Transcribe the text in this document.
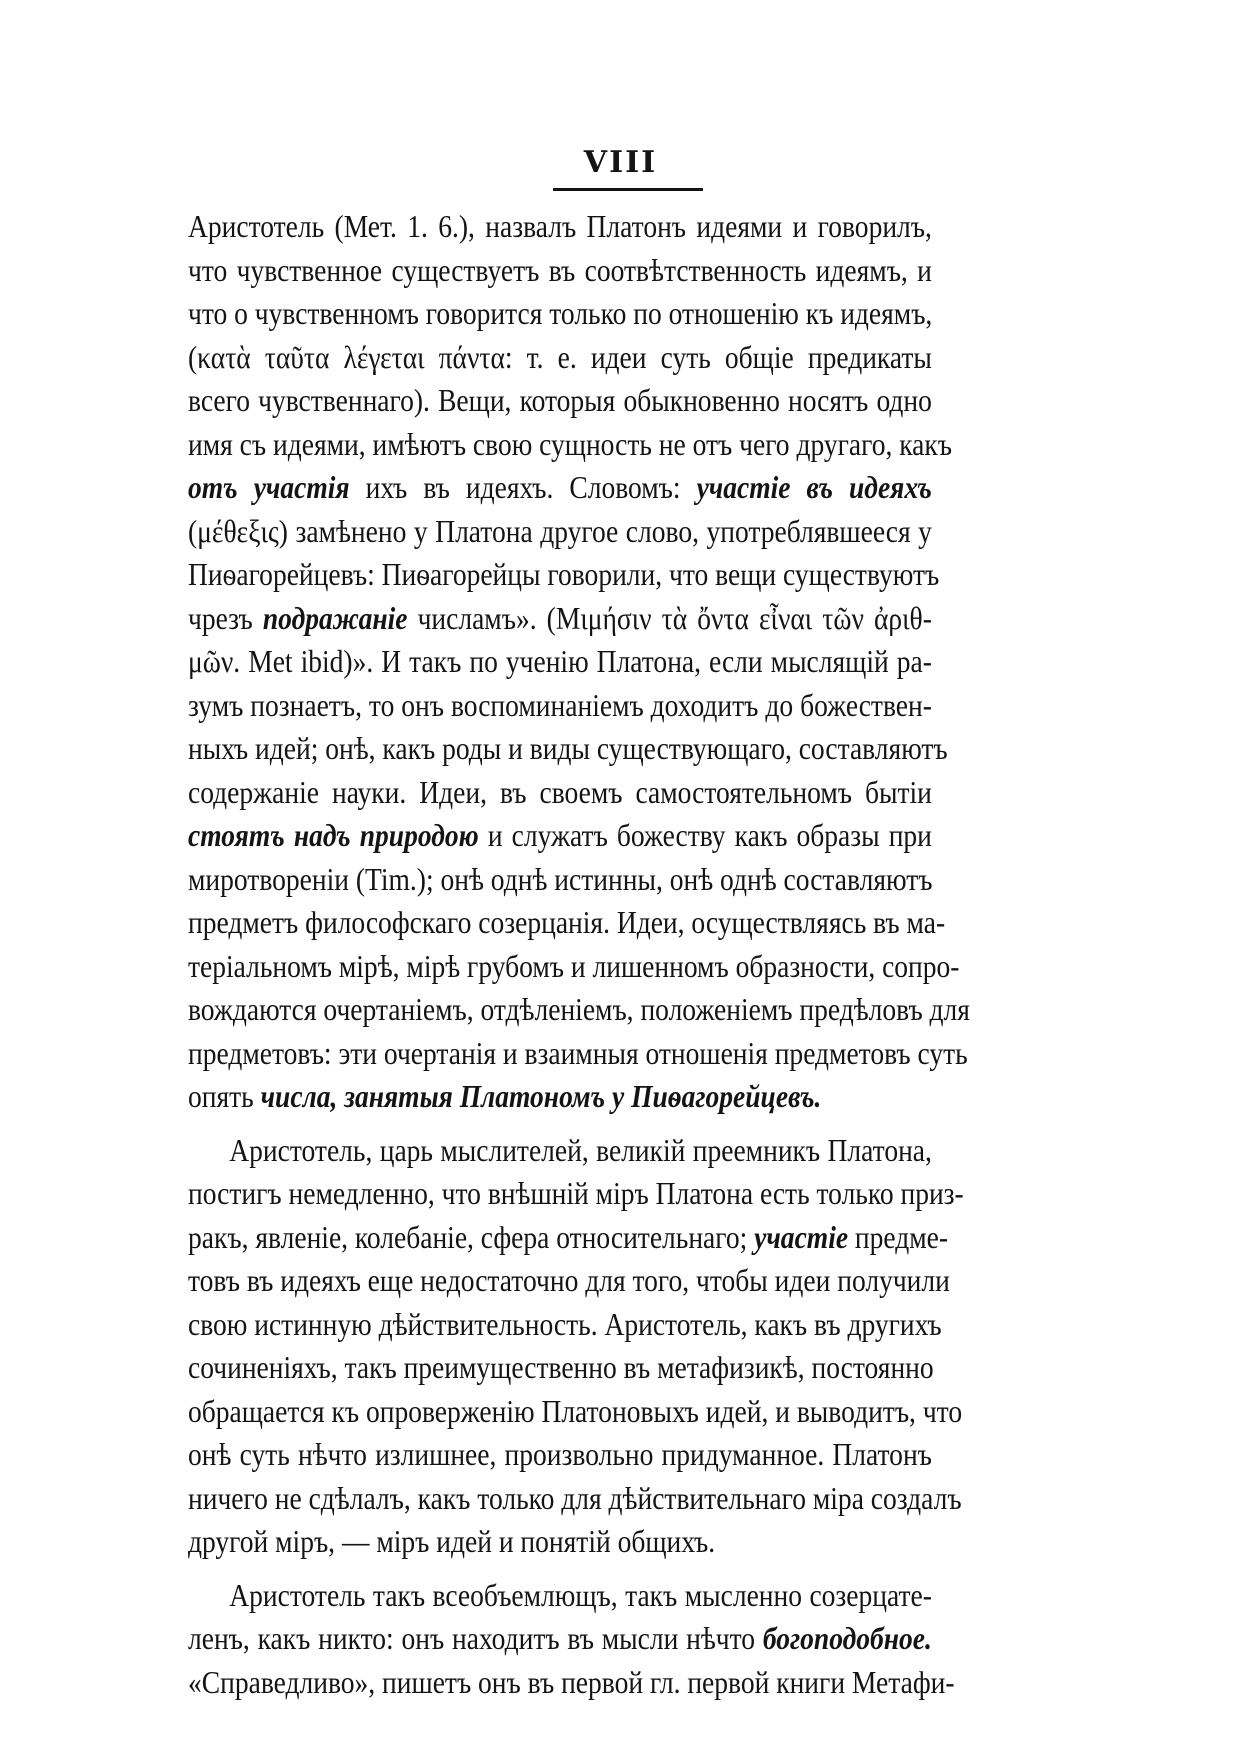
VIII
Аристотель (Мет. 1. 6.), назвалъ Платонъ идеями и говорилъ,
что чувственное существуетъ въ соотвѣтственность идеямъ, и
что о чувственномъ говорится только по отношенію къ идеямъ,
(κατὰ ταῦτα λέγεται πάντα: т. е. идеи суть общіе предикаты
всего чувственнаго). Вещи, которыя обыкновенно носятъ одно
имя съ идеями, имѣютъ свою сущность не отъ чего другаго, какъ
отъ участія ихъ въ идеяхъ. Словомъ: участіе въ идеяхъ
(μέθεξις) замѣнено у Платона другое слово, употреблявшееся у
Пиѳагорейцевъ: Пиѳагорейцы говорили, что вещи существуютъ
чрезъ подражаніе числамъ». (Μιμήσιν τὰ ὄντα εἶναι τῶν ἀριθ-
μῶν. Met ibid)». И такъ по ученію Платона, если мыслящій ра-
зумъ познаетъ, то онъ воспоминаніемъ доходитъ до божествен-
ныхъ идей; онѣ, какъ роды и виды существующаго, составляютъ
содержаніе науки. Идеи, въ своемъ самостоятельномъ бытіи
стоятъ надъ природою и служатъ божеству какъ образы при
миротвореніи (Tim.); онѣ однѣ истинны, онѣ однѣ составляютъ
предметъ философскаго созерцанія. Идеи, осуществляясь въ ма-
теріальномъ мірѣ, мірѣ грубомъ и лишенномъ образности, сопро-
вождаются очертаніемъ, отдѣленіемъ, положеніемъ предѣловъ для
предметовъ: эти очертанія и взаимныя отношенія предметовъ суть
опять числа, занятыя Платономъ у Пиѳагорейцевъ.
Аристотель, царь мыслителей, великій преемникъ Платона,
постигъ немедленно, что внѣшній міръ Платона есть только приз-
ракъ, явленіе, колебаніе, сфера относительнаго; участіе предме-
товъ въ идеяхъ еще недостаточно для того, чтобы идеи получили
свою истинную дѣйствительность. Аристотель, какъ въ другихъ
сочиненіяхъ, такъ преимущественно въ метафизикѣ, постоянно
обращается къ опроверженію Платоновыхъ идей, и выводитъ, что
онѣ суть нѣчто излишнее, произвольно придуманное. Платонъ
ничего не сдѣлалъ, какъ только для дѣйствительнаго міра создалъ
другой міръ, — міръ идей и понятій общихъ.
Аристотель такъ всеобъемлющъ, такъ мысленно созерцате-
ленъ, какъ никто: онъ находитъ въ мысли нѣчто богоподобное.
«Справедливо», пишетъ онъ въ первой гл. первой книги Метафи-
